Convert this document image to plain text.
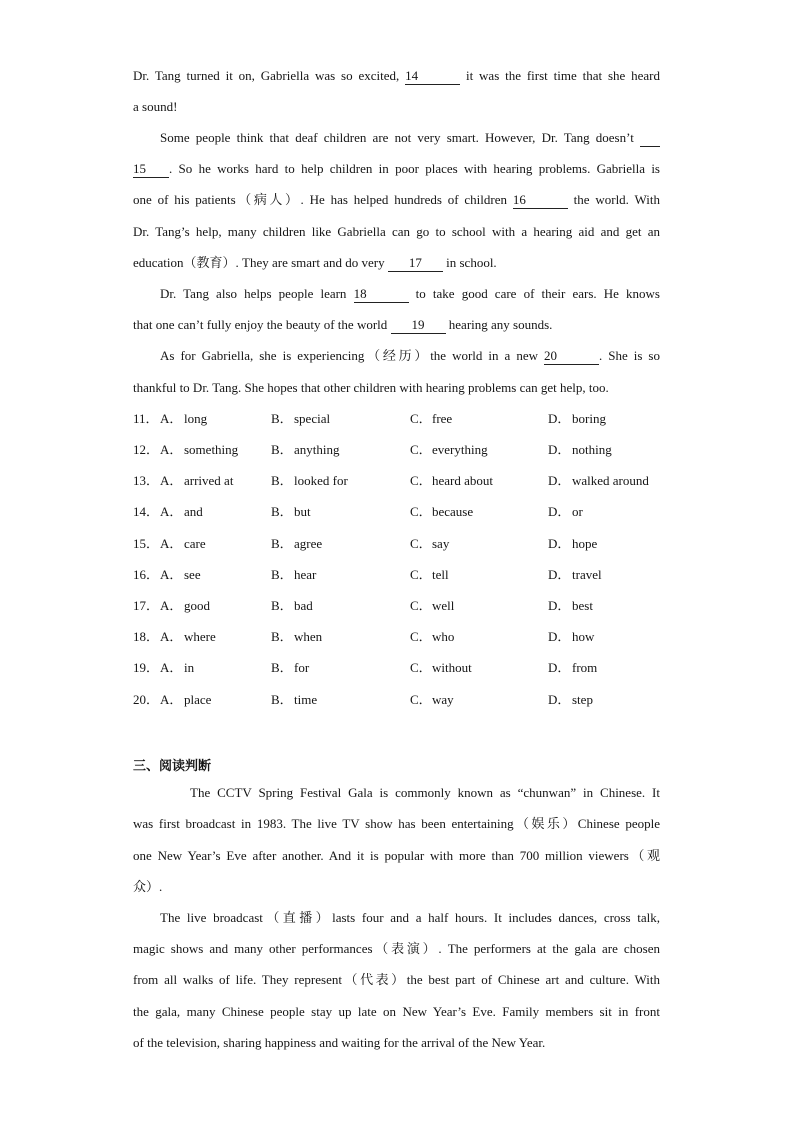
Dr. Tang turned it on, Gabriella was so excited, 14	it was the first time that she heard
a sound!
Some people think that deaf children are not very smart. However, Dr. Tang doesn’t
15 . So he works hard to help children in poor places with hearing problems. Gabriella is
one of his patients（病人）. He has helped hundreds of children 16	the world. With
Dr. Tang’s help, many children like Gabriella can go to school with a hearing aid and get an
education（教育）. They are smart and do very 17 in school.
Dr. Tang also helps people learn 18	to take good care of their ears. He knows
that one can’t fully enjoy the beauty of the world 19 hearing any sounds.
As for Gabriella, she is experiencing（经历）the world in a new 20	. She is so
thankful to Dr. Tang. She hopes that other children with hearing problems can get help, too.
11． A． long	B． special	C． free	D． boring
12． A． something	B． anything	C． everything	D． nothing
13． A． arrived at	B． looked for	C． heard about	D． walked around
14． A． and	B． but	C． because	D． or
15． A． care	B． agree	C． say	D． hope
16． A． see	B． hear	C． tell	D． travel
17． A． good	B． bad	C． well	D． best
18． A． where	B． when	C． who	D． how
19． A． in	B． for	C． without	D． from
20． A． place	B． time	C． way	D． step
三、阅读判断
The CCTV Spring Festival Gala is commonly known as “chunwan” in Chinese. It
was first broadcast in 1983. The live TV show has been entertaining（娱乐）Chinese people
one New Year’s Eve after another. And it is popular with more than 700 million viewers（观
众）.
The live broadcast（直播）lasts four and a half hours. It includes dances, cross talk,
magic shows and many other performances（表演）. The performers at the gala are chosen
from all walks of life. They represent（代表）the best part of Chinese art and culture. With
the gala, many Chinese people stay up late on New Year’s Eve. Family members sit in front
of the television, sharing happiness and waiting for the arrival of the New Year.
